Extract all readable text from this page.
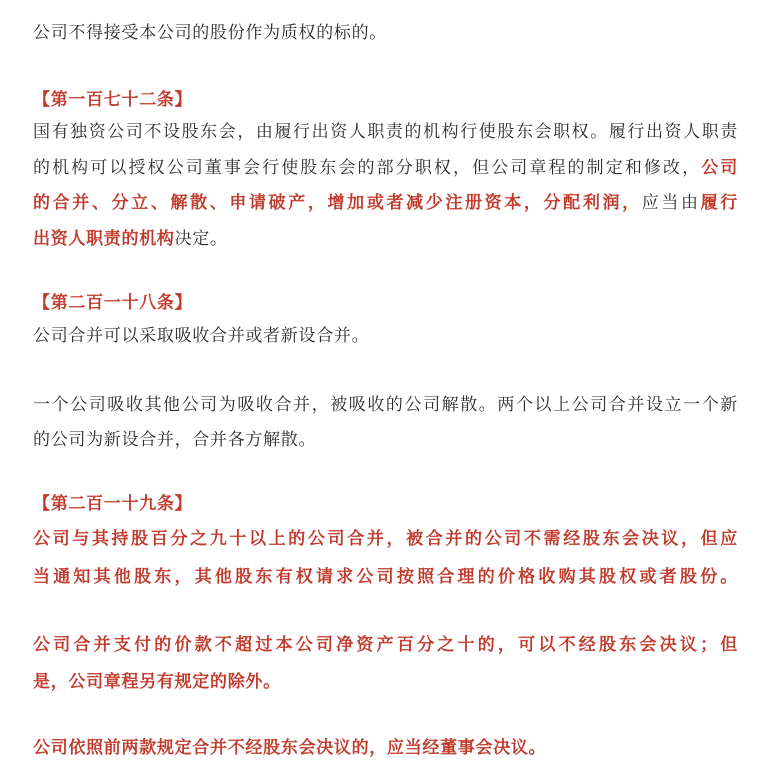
公司不得接受本公司的股份作为质权的标的。
【第一百七十二条】
国有独资公司不设股东会，由履行出资人职责的机构行使股东会职权。履行出资人职责
的机构可以授权公司董事会行使股东会的部分职权，但公司章程的制定和修改，公司
的合并、分立、解散、申请破产，增加或者减少注册资本，分配利润，应当由履行
出资人职责的机构决定。
【第二百一十八条】
公司合并可以采取吸收合并或者新设合并。
一个公司吸收其他公司为吸收合并，被吸收的公司解散。两个以上公司合并设立一个新
的公司为新设合并，合并各方解散。
【第二百一十九条】
公司与其持股百分之九十以上的公司合并，被合并的公司不需经股东会决议，但应
当通知其他股东，其他股东有权请求公司按照合理的价格收购其股权或者股份。
公司合并支付的价款不超过本公司净资产百分之十的，可以不经股东会决议；但
是，公司章程另有规定的除外。
公司依照前两款规定合并不经股东会决议的，应当经董事会决议。
